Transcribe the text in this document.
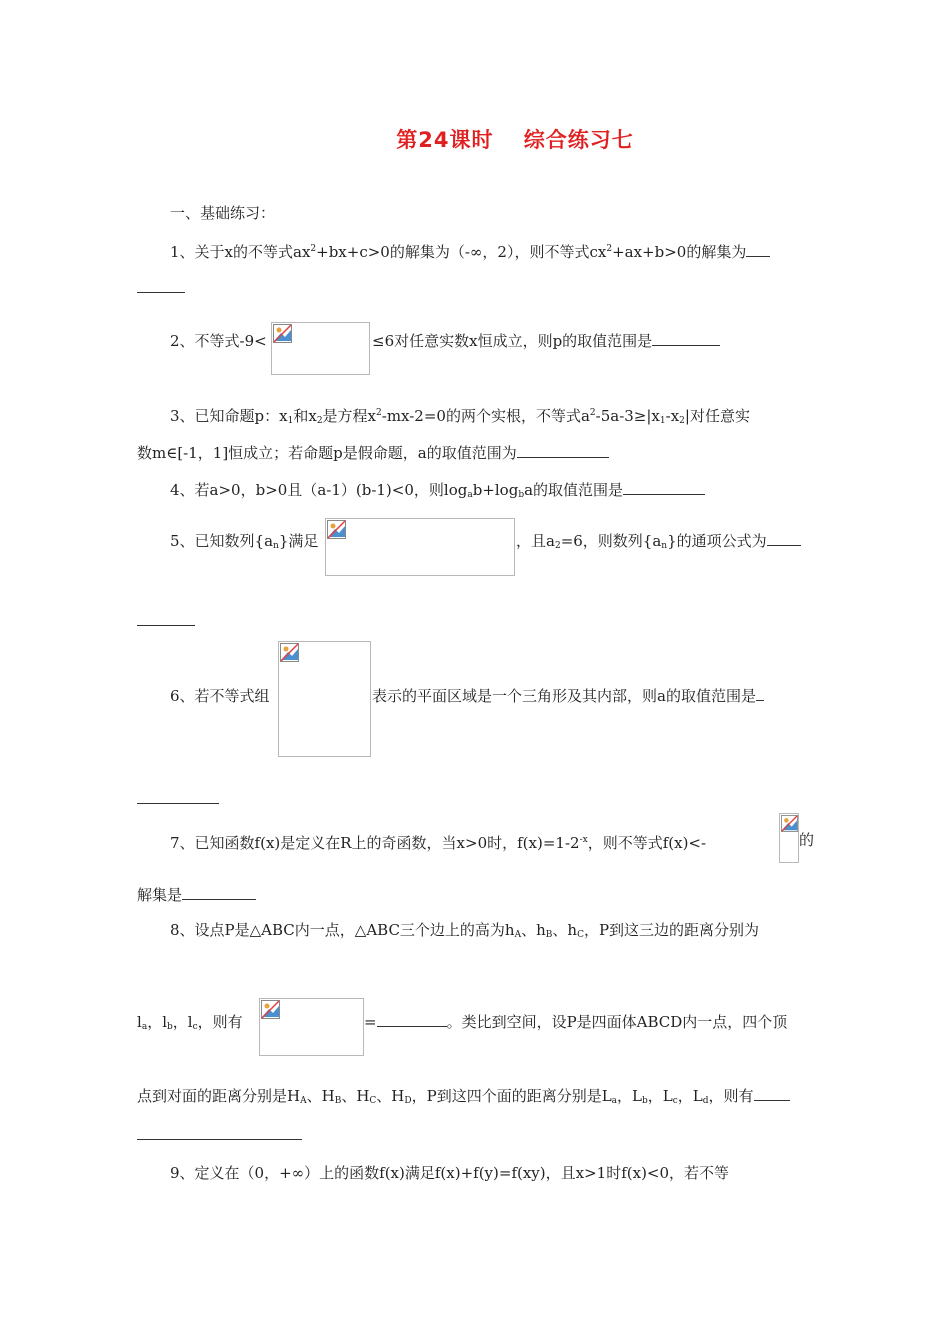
第24课时　 综合练习七
一、基础练习：
1、关于x的不等式$ax^2+bx+c>0$的解集为（-∞，2），则不等式$cx^2+ax+b>0$的解集为
2、不等式-9<	≤6对任意实数x恒成立，则p的取值范围是
3、已知命题p：$x_1$和$x_2$是方程$x^2-mx-2=0$的两个实根，不等式$a^2-5a-3\ge|x_1-x_2|$对任意实
数m∈[-1，1]恒成立；若命题p是假命题，a的取值范围为
4、若a>0，b>0且（a-1）(b-1)<0，则$\log_ab+\log_ba$的取值范围是
5、已知数列$\{a_n\}$满足	，且$a_2=6$，则数列$\{a_n\}$的通项公式为
6、若不等式组	表示的平面区域是一个三角形及其内部，则a的取值范围是
7、已知函数f(x)是定义在R上的奇函数，当x>0时，$f(x)=1-2^{-x}$，则不等式f(x)<-	的
解集是
8、设点P是△ABC内一点，△ABC三个边上的高为$h_A$、$h_B$、$h_C$，P到这三边的距离分别为
$l_a$，$l_b$，$l_c$，则有	=	。类比到空间，设P是四面体ABCD内一点，四个顶
点到对面的距离分别是$H_A$、$H_B$、$H_C$、$H_D$，P到这四个面的距离分别是$L_a$，$L_b$，$L_c$，$L_d$，则有
9、定义在（0，+∞）上的函数f(x)满足f(x)+f(y)=f(xy)，且x>1时f(x)<0，若不等
